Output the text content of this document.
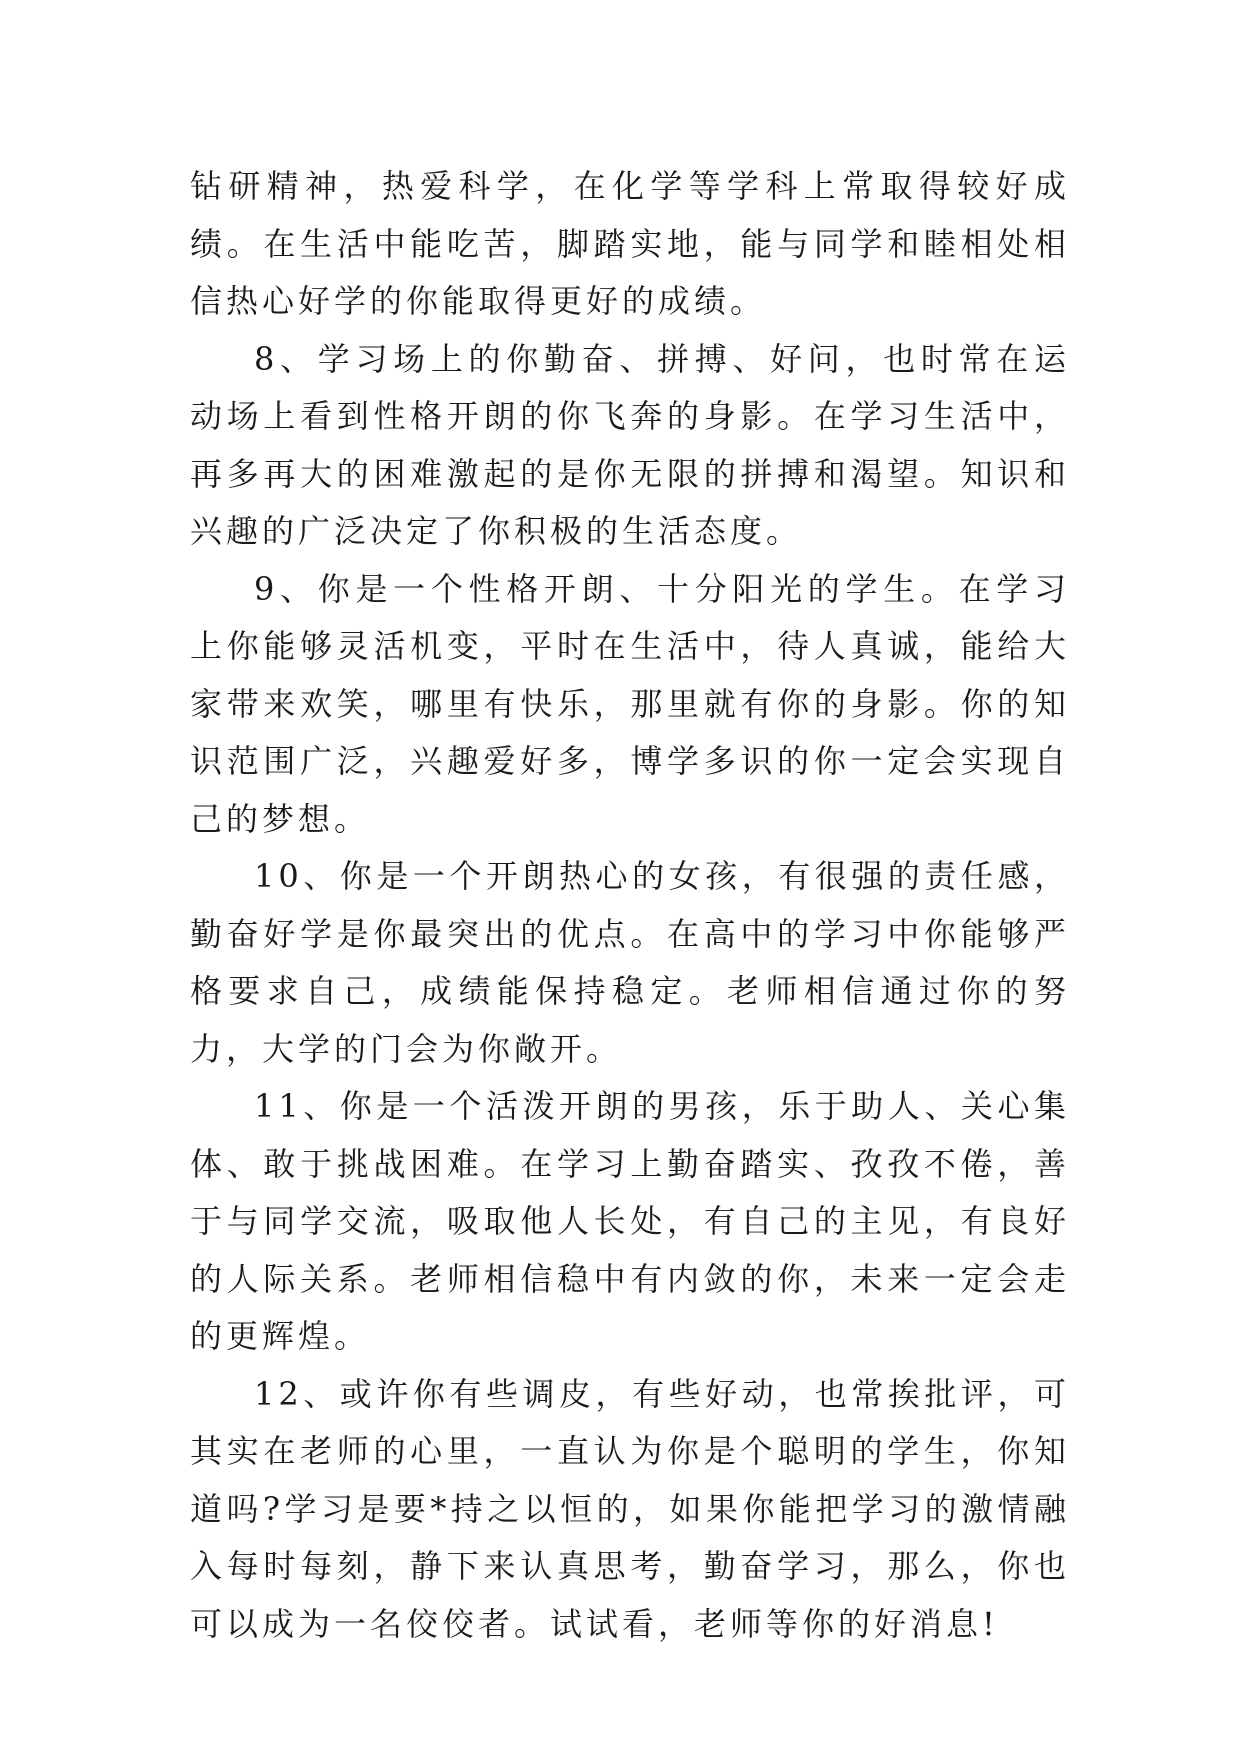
钻研精神，热爱科学，在化学等学科上常取得较好成绩。在生活中能吃苦，脚踏实地，能与同学和睦相处相信热心好学的你能取得更好的成绩。

8、学习场上的你勤奋、拼搏、好问，也时常在运动场上看到性格开朗的你飞奔的身影。在学习生活中，再多再大的困难激起的是你无限的拼搏和渴望。知识和兴趣的广泛决定了你积极的生活态度。

9、你是一个性格开朗、十分阳光的学生。在学习上你能够灵活机变，平时在生活中，待人真诚，能给大家带来欢笑，哪里有快乐，那里就有你的身影。你的知识范围广泛，兴趣爱好多，博学多识的你一定会实现自己的梦想。

10、你是一个开朗热心的女孩，有很强的责任感，勤奋好学是你最突出的优点。在高中的学习中你能够严格要求自己，成绩能保持稳定。老师相信通过你的努力，大学的门会为你敞开。

11、你是一个活泼开朗的男孩，乐于助人、关心集体、敢于挑战困难。在学习上勤奋踏实、孜孜不倦，善于与同学交流，吸取他人长处，有自己的主见，有良好的人际关系。老师相信稳中有内敛的你，未来一定会走的更辉煌。

12、或许你有些调皮，有些好动，也常挨批评，可其实在老师的心里，一直认为你是个聪明的学生，你知道吗?学习是要*持之以恒的，如果你能把学习的激情融入每时每刻，静下来认真思考，勤奋学习，那么，你也可以成为一名佼佼者。试试看，老师等你的好消息!
